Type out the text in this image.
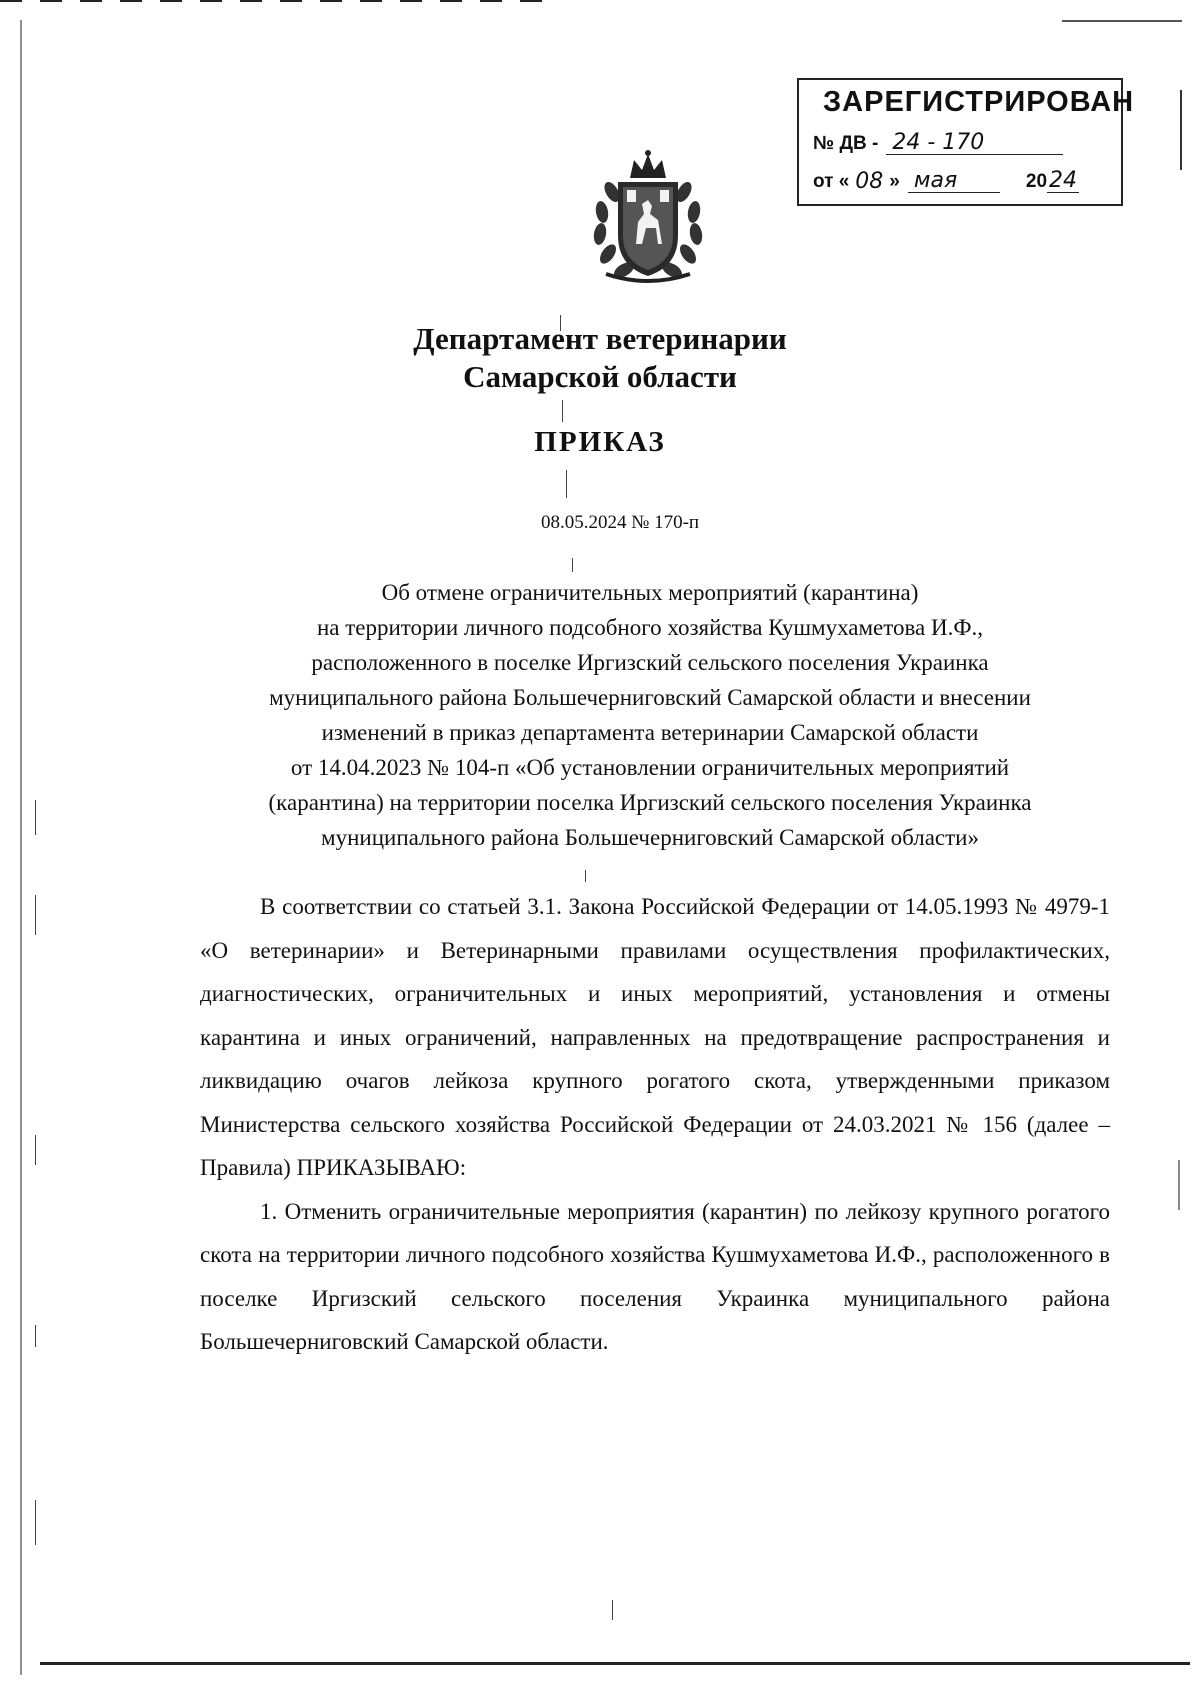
ЗАРЕГИСТРИРОВАН
№ ДВ - 24 - 170
от « 08 » мая	20 24
Департамент ветеринарии
Самарской области
ПРИКАЗ
08.05.2024 № 170-п
Об отмене ограничительных мероприятий (карантина)
на территории личного подсобного хозяйства Кушмухаметова И.Ф.,
расположенного в поселке Иргизский сельского поселения Украинка
муниципального района Большечерниговский Самарской области и внесении
изменений в приказ департамента ветеринарии Самарской области
от 14.04.2023 № 104-п «Об установлении ограничительных мероприятий
(карантина) на территории поселка Иргизский сельского поселения Украинка
муниципального района Большечерниговский Самарской области»

В соответствии со статьей 3.1. Закона Российской Федерации от 14.05.1993 № 4979-1 «О ветеринарии» и Ветеринарными правилами осуществления профилактических, диагностических, ограничительных и иных мероприятий, установления и отмены карантина и иных ограничений, направленных на предотвращение распространения и ликвидацию очагов лейкоза крупного рогатого скота, утвержденными приказом Министерства сельского хозяйства Российской Федерации от 24.03.2021 № 156 (далее – Правила) ПРИКАЗЫВАЮ:

1. Отменить ограничительные мероприятия (карантин) по лейкозу крупного рогатого скота на территории личного подсобного хозяйства Кушмухаметова И.Ф., расположенного в поселке Иргизский сельского поселения Украинка муниципального района Большечерниговский Самарской области.
